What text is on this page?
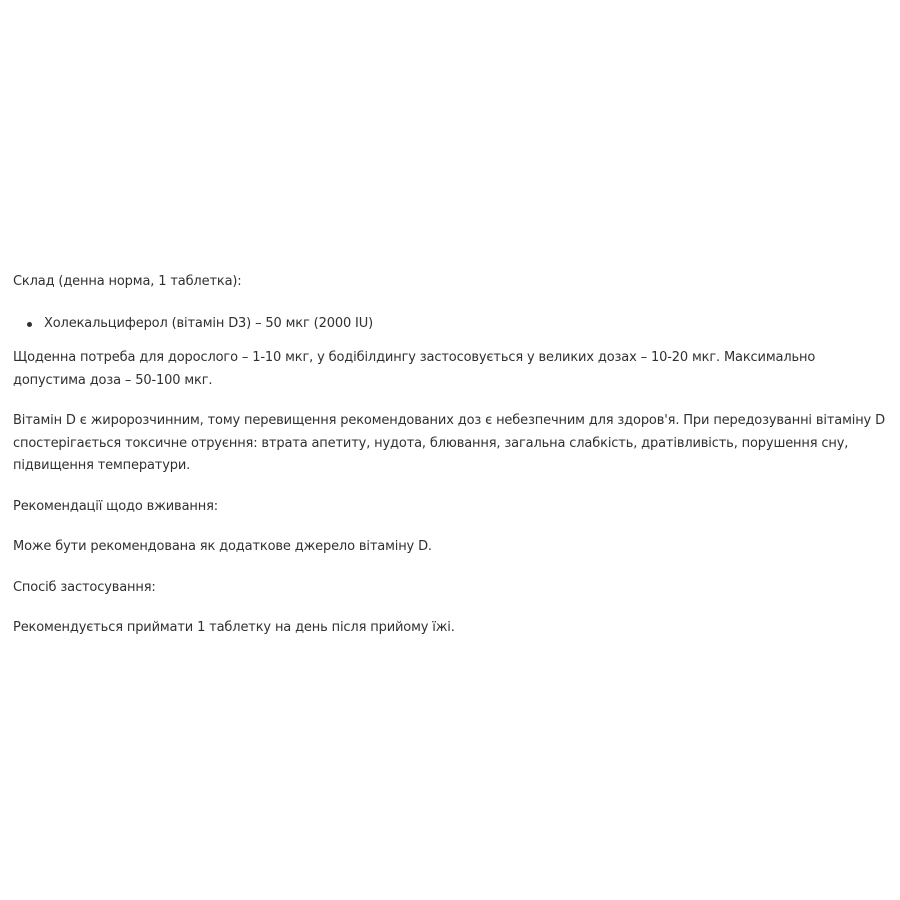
Склад (денна норма, 1 таблетка):

Холекальциферол (вітамін D3) – 50 мкг (2000 IU)

Щоденна потреба для дорослого – 1-10 мкг, у бодібілдингу застосовується у великих дозах – 10-20 мкг. Максимально допустима доза – 50-100 мкг.

Вітамін D є жиророзчинним, тому перевищення рекомендованих доз є небезпечним для здоров'я. При передозуванні вітаміну D спостерігається токсичне отруєння: втрата апетиту, нудота, блювання, загальна слабкість, дратівливість, порушення сну, підвищення температури.

Рекомендації щодо вживання:

Може бути рекомендована як додаткове джерело вітаміну D.

Спосіб застосування:

Рекомендується приймати 1 таблетку на день після прийому їжі.
